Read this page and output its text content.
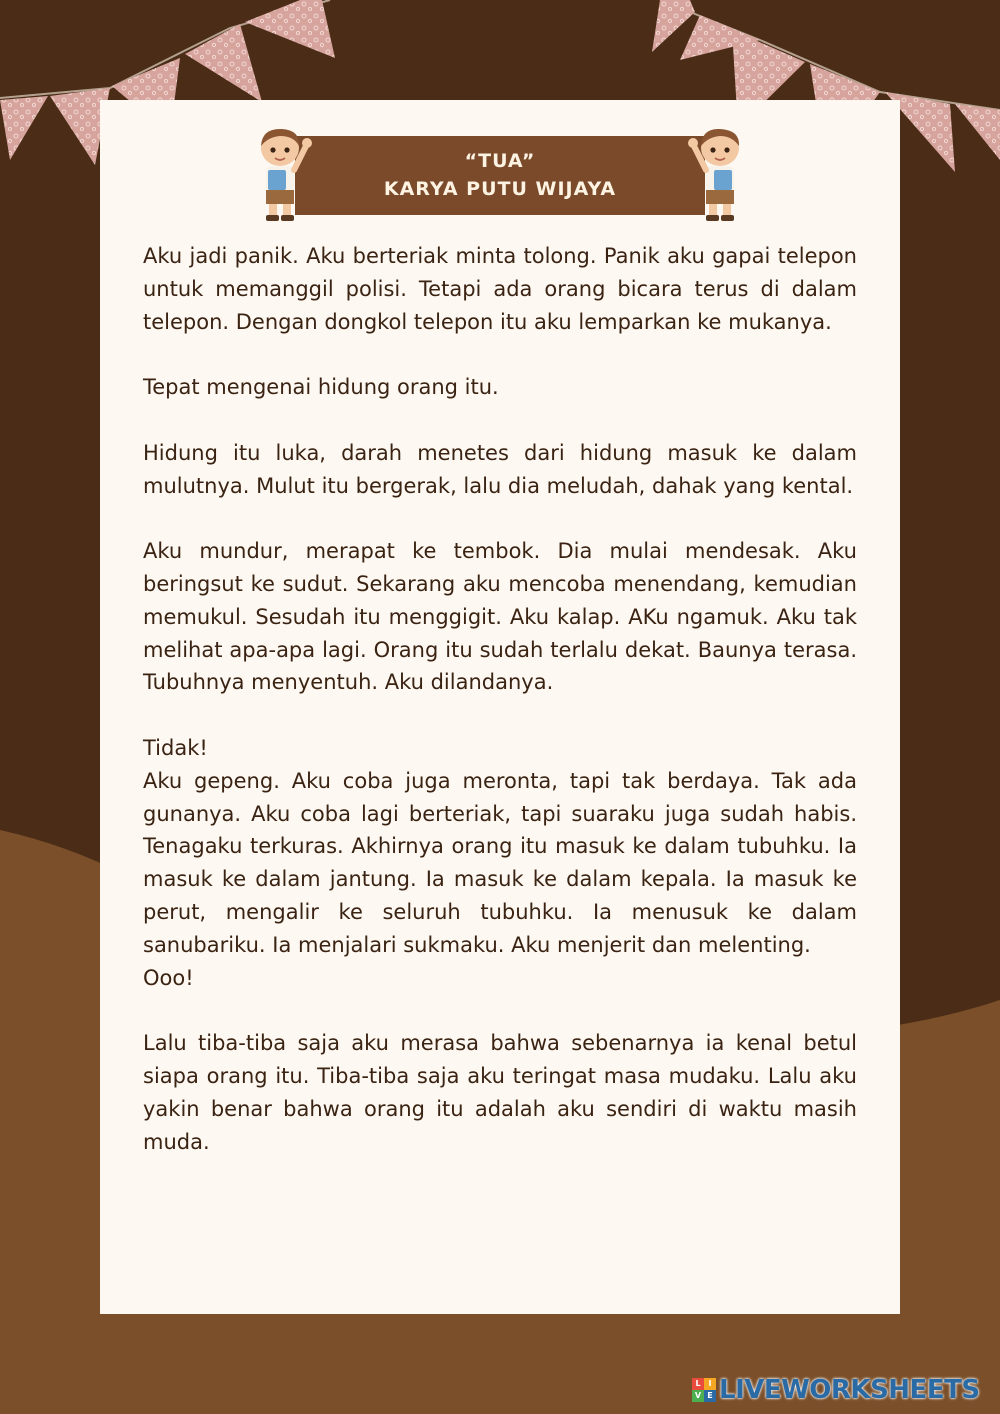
“TUA”
KARYA PUTU WIJAYA

Aku jadi panik. Aku berteriak minta tolong. Panik aku gapai telepon untuk memanggil polisi. Tetapi ada orang bicara terus di dalam telepon. Dengan dongkol telepon itu aku lemparkan ke mukanya.

Tepat mengenai hidung orang itu.

Hidung itu luka, darah menetes dari hidung masuk ke dalam mulutnya. Mulut itu bergerak, lalu dia meludah, dahak yang kental.

Aku mundur, merapat ke tembok. Dia mulai mendesak. Aku beringsut ke sudut. Sekarang aku mencoba menendang, kemudian memukul. Sesudah itu menggigit. Aku kalap. AKu ngamuk. Aku tak melihat apa-apa lagi. Orang itu sudah terlalu dekat. Baunya terasa. Tubuhnya menyentuh. Aku dilandanya.

Tidak!

Aku gepeng. Aku coba juga meronta, tapi tak berdaya. Tak ada gunanya. Aku coba lagi berteriak, tapi suaraku juga sudah habis. Tenagaku terkuras. Akhirnya orang itu masuk ke dalam tubuhku. Ia masuk ke dalam jantung. Ia masuk ke dalam kepala. Ia masuk ke perut, mengalir ke seluruh tubuhku. Ia menusuk ke dalam sanubariku. Ia menjalari sukmaku. Aku menjerit dan melenting.

Ooo!

Lalu tiba-tiba saja aku merasa bahwa sebenarnya ia kenal betul siapa orang itu. Tiba-tiba saja aku teringat masa mudaku. Lalu aku yakin benar bahwa orang itu adalah aku sendiri di waktu masih muda.

L I
V E LIVEWORKSHEETS
